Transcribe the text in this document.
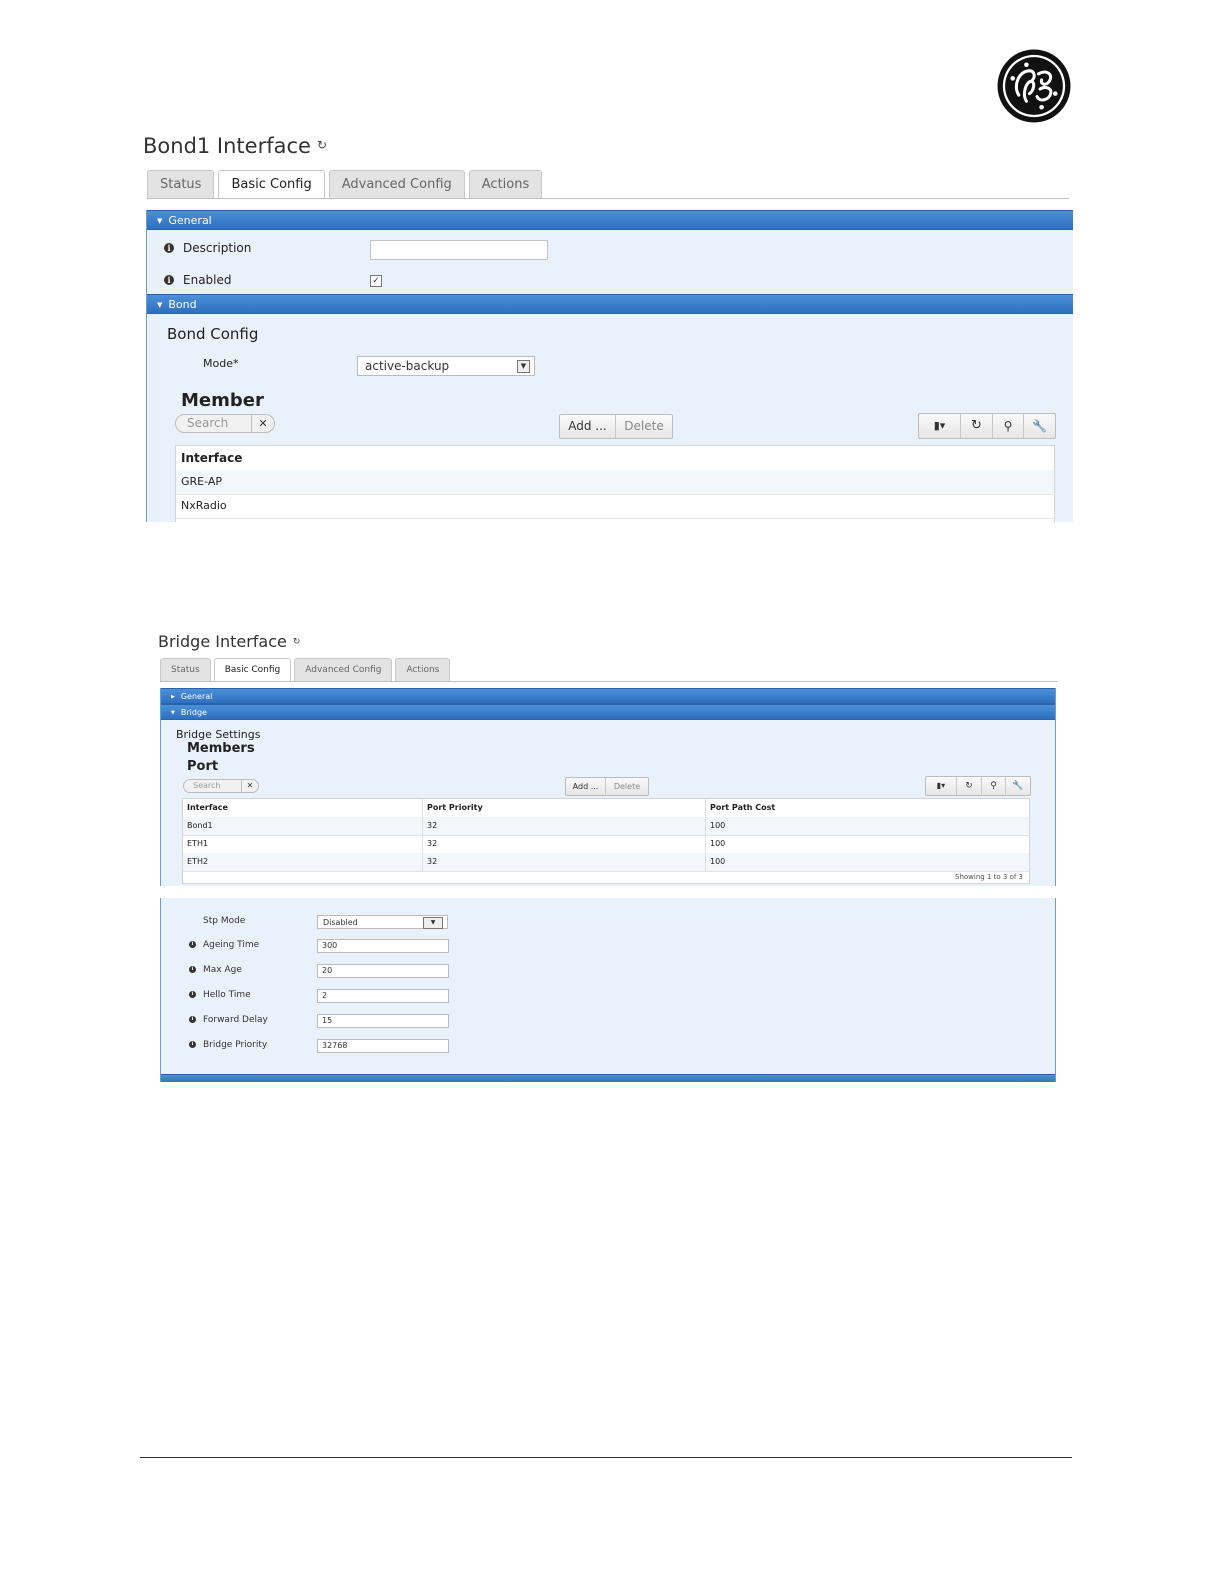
Bond1 Interface ↻
Status	Basic Config	Advanced Config	Actions
▼ General
i Description
i Enabled	✓
▼ Bond
Bond Config
Mode*	active-backup	▼
Member
Search	✕	Add ...	Delete	▮▾	↻	⚲	🔧
Interface
GRE-AP
NxRadio
Bridge Interface ↻
Status	Basic Config	Advanced Config	Actions
▶ General
▼ Bridge
Bridge Settings
Members
Port
Search	✕	Add ...	Delete	▮▾	↻	⚲	🔧
Interface	Port Priority	Port Path Cost
Bond1	32	100
ETH1	32	100
ETH2	32	100
Showing 1 to 3 of 3
Stp Mode	Disabled	▼
i Ageing Time	300
i Max Age	20
i Hello Time	2
i Forward Delay	15
i Bridge Priority	32768
